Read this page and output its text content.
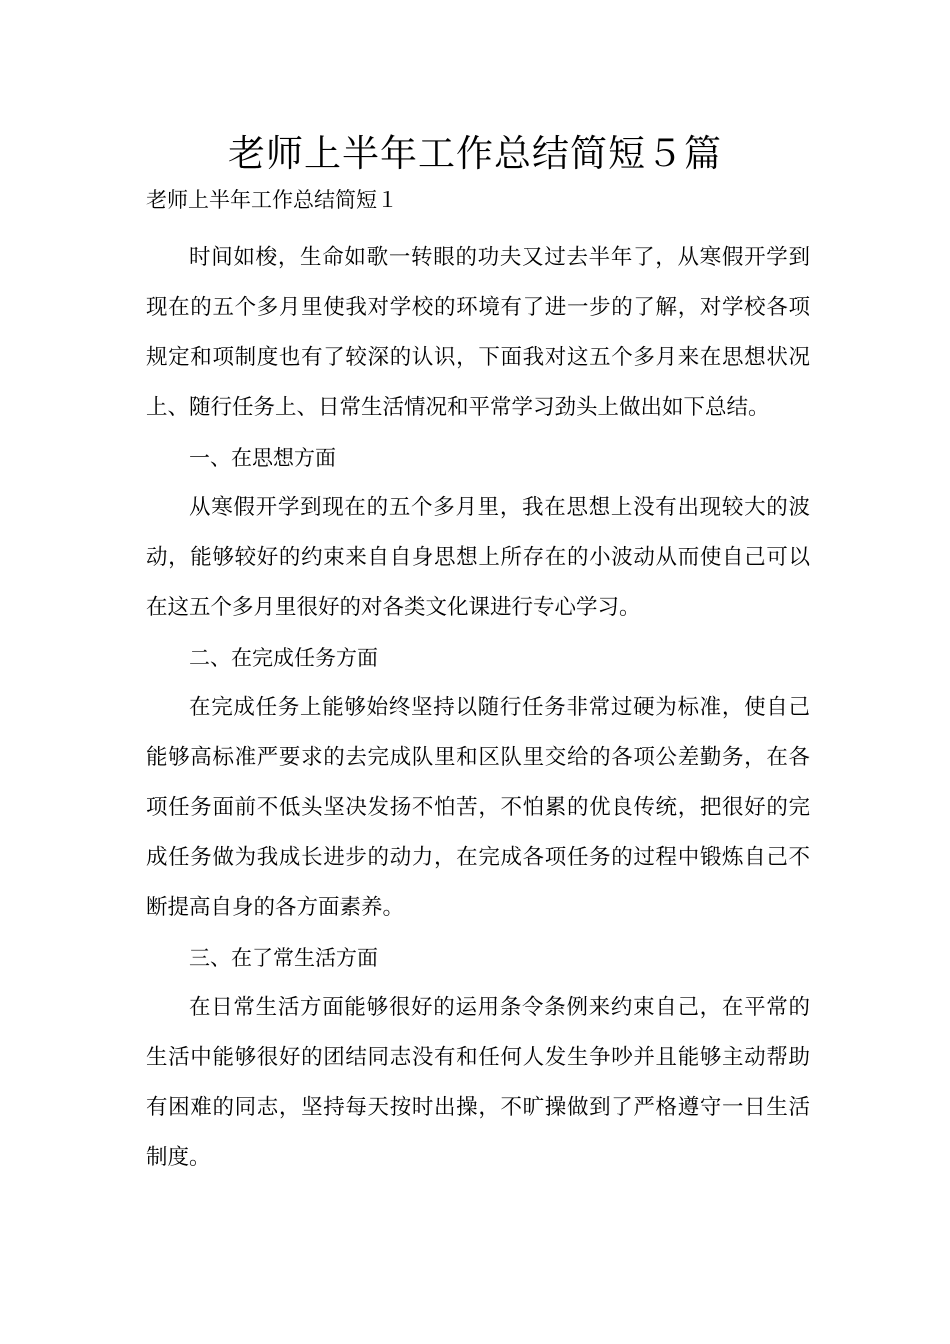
老师上半年工作总结简短５篇

老师上半年工作总结简短１

时间如梭，生命如歌一转眼的功夫又过去半年了，从寒假开学到现在的五个多月里使我对学校的环境有了进一步的了解，对学校各项规定和项制度也有了较深的认识，下面我对这五个多月来在思想状况上、随行任务上、日常生活情况和平常学习劲头上做出如下总结。

一、在思想方面

从寒假开学到现在的五个多月里，我在思想上没有出现较大的波动，能够较好的约束来自自身思想上所存在的小波动从而使自己可以在这五个多月里很好的对各类文化课进行专心学习。

二、在完成任务方面

在完成任务上能够始终坚持以随行任务非常过硬为标准，使自己能够高标准严要求的去完成队里和区队里交给的各项公差勤务，在各项任务面前不低头坚决发扬不怕苦，不怕累的优良传统，把很好的完成任务做为我成长进步的动力，在完成各项任务的过程中锻炼自己不断提高自身的各方面素养。

三、在了常生活方面

在日常生活方面能够很好的运用条令条例来约束自己，在平常的生活中能够很好的团结同志没有和任何人发生争吵并且能够主动帮助有困难的同志，坚持每天按时出操，不旷操做到了严格遵守一日生活制度。
